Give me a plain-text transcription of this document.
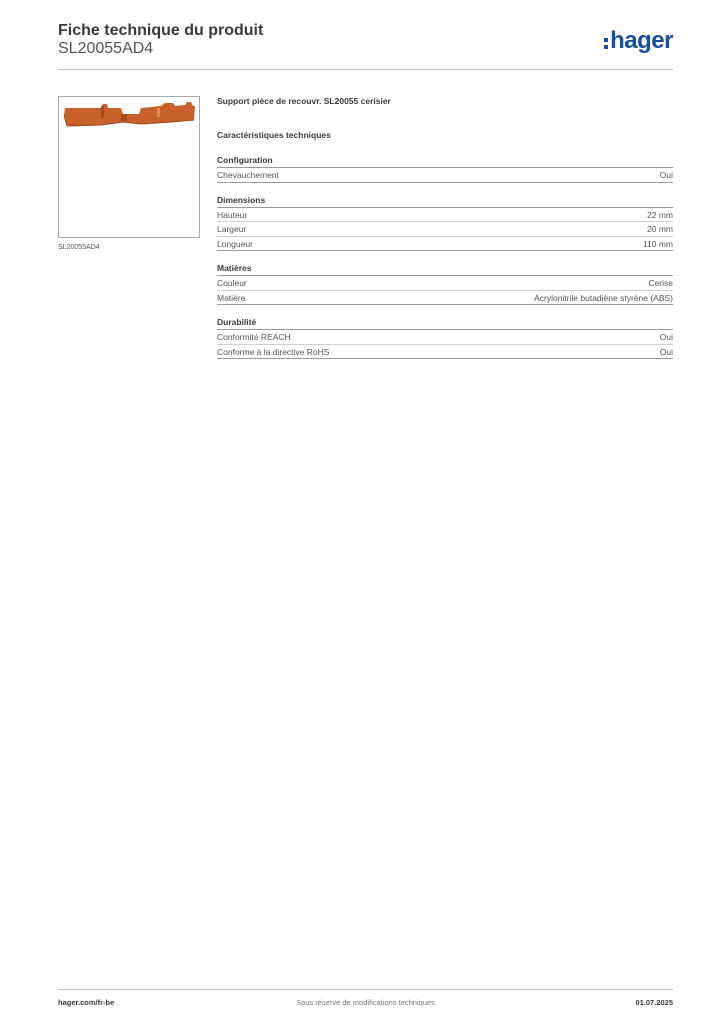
Fiche technique du produit
SL20055AD4	hager
SL20055AD4
Support pièce de recouvr. SL20055 cerisier
Caractéristiques techniques
Configuration
Chevauchement	Oui
Dimensions
Hauteur	22 mm
Largeur	20 mm
Longueur	110 mm
Matières
Couleur	Cerise
Matière	Acrylonitrile butadiène styrène (ABS)
Durabilité
Conformité REACH	Oui
Conforme à la directive RoHS	Oui
hager.com/fr-be	Sous réserve de modifications techniques	01.07.2025
